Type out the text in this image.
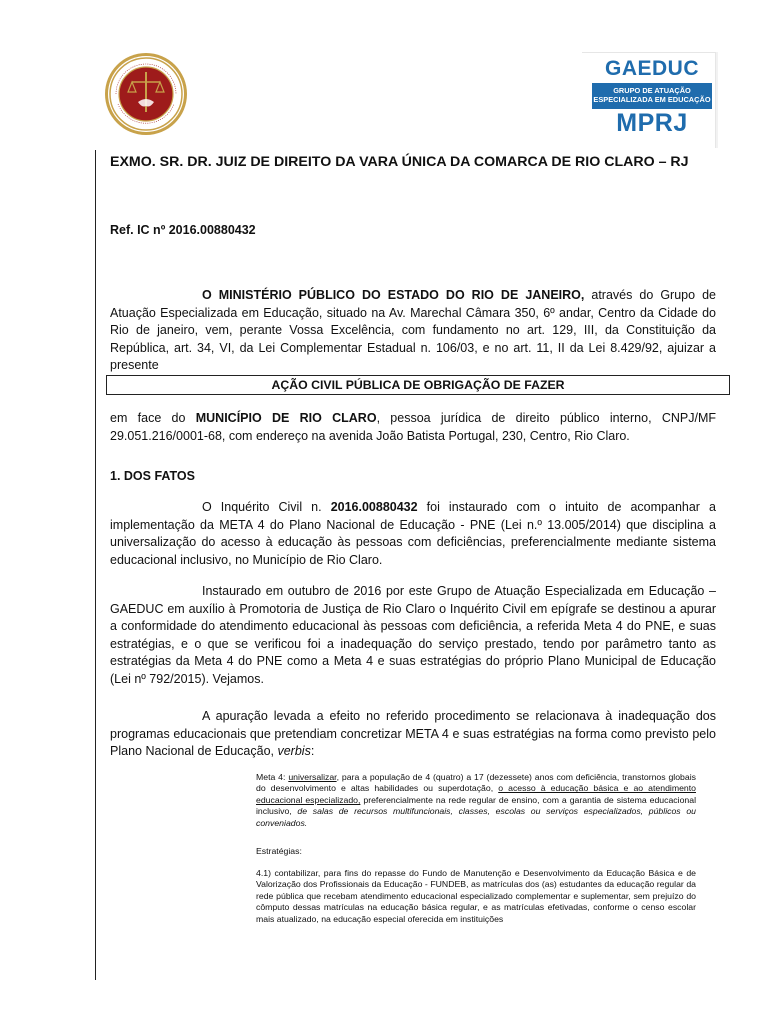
GAEDUC
GRUPO DE ATUAÇÃO ESPECIALIZADA EM EDUCAÇÃO
MPRJ
EXMO. SR. DR. JUIZ DE DIREITO DA VARA ÚNICA DA COMARCA DE RIO CLARO – RJ
Ref. IC nº 2016.00880432
O MINISTÉRIO PÚBLICO DO ESTADO DO RIO DE JANEIRO, através do Grupo de Atuação Especializada em Educação, situado na Av. Marechal Câmara 350, 6º andar, Centro da Cidade do Rio de janeiro, vem, perante Vossa Excelência, com fundamento no art. 129, III, da Constituição da República, art. 34, VI, da Lei Complementar Estadual n. 106/03, e no art. 11, II da Lei 8.429/92, ajuizar a presente
AÇÃO CIVIL PÚBLICA DE OBRIGAÇÃO DE FAZER
em face do MUNICÍPIO DE RIO CLARO, pessoa jurídica de direito público interno, CNPJ/MF 29.051.216/0001-68, com endereço na avenida João Batista Portugal, 230, Centro, Rio Claro.
1. DOS FATOS
O Inquérito Civil n. 2016.00880432 foi instaurado com o intuito de acompanhar a implementação da META 4 do Plano Nacional de Educação - PNE (Lei n.º 13.005/2014) que disciplina a universalização do acesso à educação às pessoas com deficiências, preferencialmente mediante sistema educacional inclusivo, no Município de Rio Claro.
Instaurado em outubro de 2016 por este Grupo de Atuação Especializada em Educação – GAEDUC em auxílio à Promotoria de Justiça de Rio Claro o Inquérito Civil em epígrafe se destinou a apurar a conformidade do atendimento educacional às pessoas com deficiência, a referida Meta 4 do PNE, e suas estratégias, e o que se verificou foi a inadequação do serviço prestado, tendo por parâmetro tanto as estratégias da Meta 4 do PNE como a Meta 4 e suas estratégias do próprio Plano Municipal de Educação (Lei nº 792/2015). Vejamos.
A apuração levada a efeito no referido procedimento se relacionava à inadequação dos programas educacionais que pretendiam concretizar META 4 e suas estratégias na forma como previsto pelo Plano Nacional de Educação, verbis:
Meta 4: universalizar, para a população de 4 (quatro) a 17 (dezessete) anos com deficiência, transtornos globais do desenvolvimento e altas habilidades ou superdotação, o acesso à educação básica e ao atendimento educacional especializado, preferencialmente na rede regular de ensino, com a garantia de sistema educacional inclusivo, de salas de recursos multifuncionais, classes, escolas ou serviços especializados, públicos ou conveniados.
Estratégias:
4.1) contabilizar, para fins do repasse do Fundo de Manutenção e Desenvolvimento da Educação Básica e de Valorização dos Profissionais da Educação - FUNDEB, as matrículas dos (as) estudantes da educação regular da rede pública que recebam atendimento educacional especializado complementar e suplementar, sem prejuízo do cômputo dessas matrículas na educação básica regular, e as matrículas efetivadas, conforme o censo escolar mais atualizado, na educação especial oferecida em instituições
